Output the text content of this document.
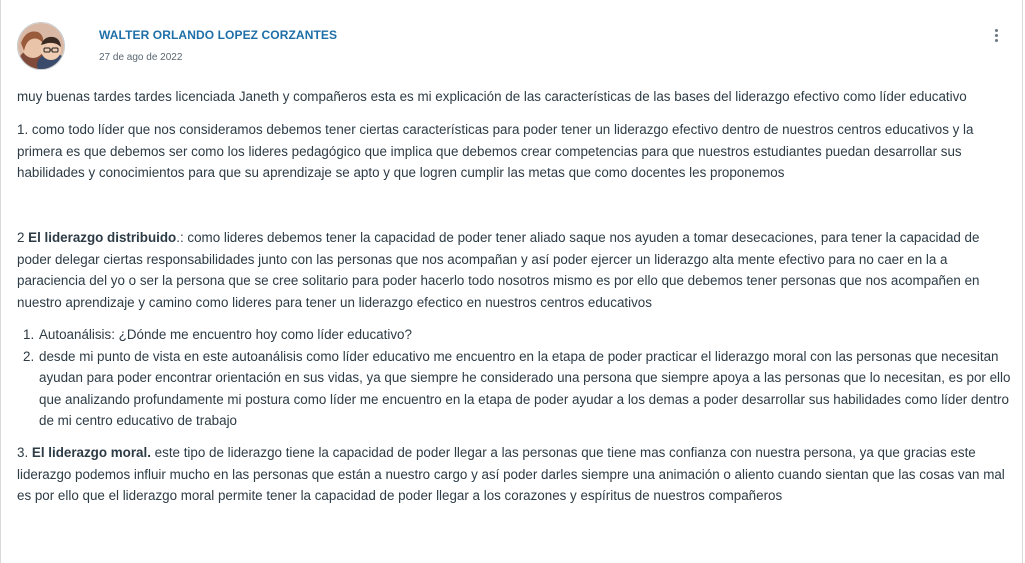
WALTER ORLANDO LOPEZ CORZANTES
27 de ago de 2022

muy buenas tardes tardes licenciada Janeth y compañeros esta es mi explicación de las características de las bases del liderazgo efectivo como líder educativo

1. como todo líder que nos consideramos debemos tener ciertas características para poder tener un liderazgo efectivo dentro de nuestros centros educativos y la primera es que debemos ser como los lideres pedagógico que implica que debemos crear competencias para que nuestros estudiantes puedan desarrollar sus habilidades y conocimientos para que su aprendizaje se apto y que logren cumplir las metas que como docentes les proponemos

2 El liderazgo distribuido.: como lideres debemos tener la capacidad de poder tener aliado saque nos ayuden a tomar desecaciones, para tener la capacidad de poder delegar ciertas responsabilidades junto con las personas que nos acompañan y así poder ejercer un liderazgo alta mente efectivo para no caer en la a paraciencia del yo o ser la persona que se cree solitario para poder hacerlo todo nosotros mismo es por ello que debemos tener personas que nos acompañen en nuestro aprendizaje y camino como lideres para tener un liderazgo efectico en nuestros centros educativos

1. Autoanálisis: ¿Dónde me encuentro hoy como líder educativo?
2. desde mi punto de vista en este autoanálisis como líder educativo me encuentro en la etapa de poder practicar el liderazgo moral con las personas que necesitan ayudan para poder encontrar orientación en sus vidas, ya que siempre he considerado una persona que siempre apoya a las personas que lo necesitan, es por ello que analizando profundamente mi postura como líder me encuentro en la etapa de poder ayudar a los demas a poder desarrollar sus habilidades como líder dentro de mi centro educativo de trabajo

3. El liderazgo moral. este tipo de liderazgo tiene la capacidad de poder llegar a las personas que tiene mas confianza con nuestra persona, ya que gracias este liderazgo podemos influir mucho en las personas que están a nuestro cargo y así poder darles siempre una animación o aliento cuando sientan que las cosas van mal es por ello que el liderazgo moral permite tener la capacidad de poder llegar a los corazones y espíritus de nuestros compañeros
